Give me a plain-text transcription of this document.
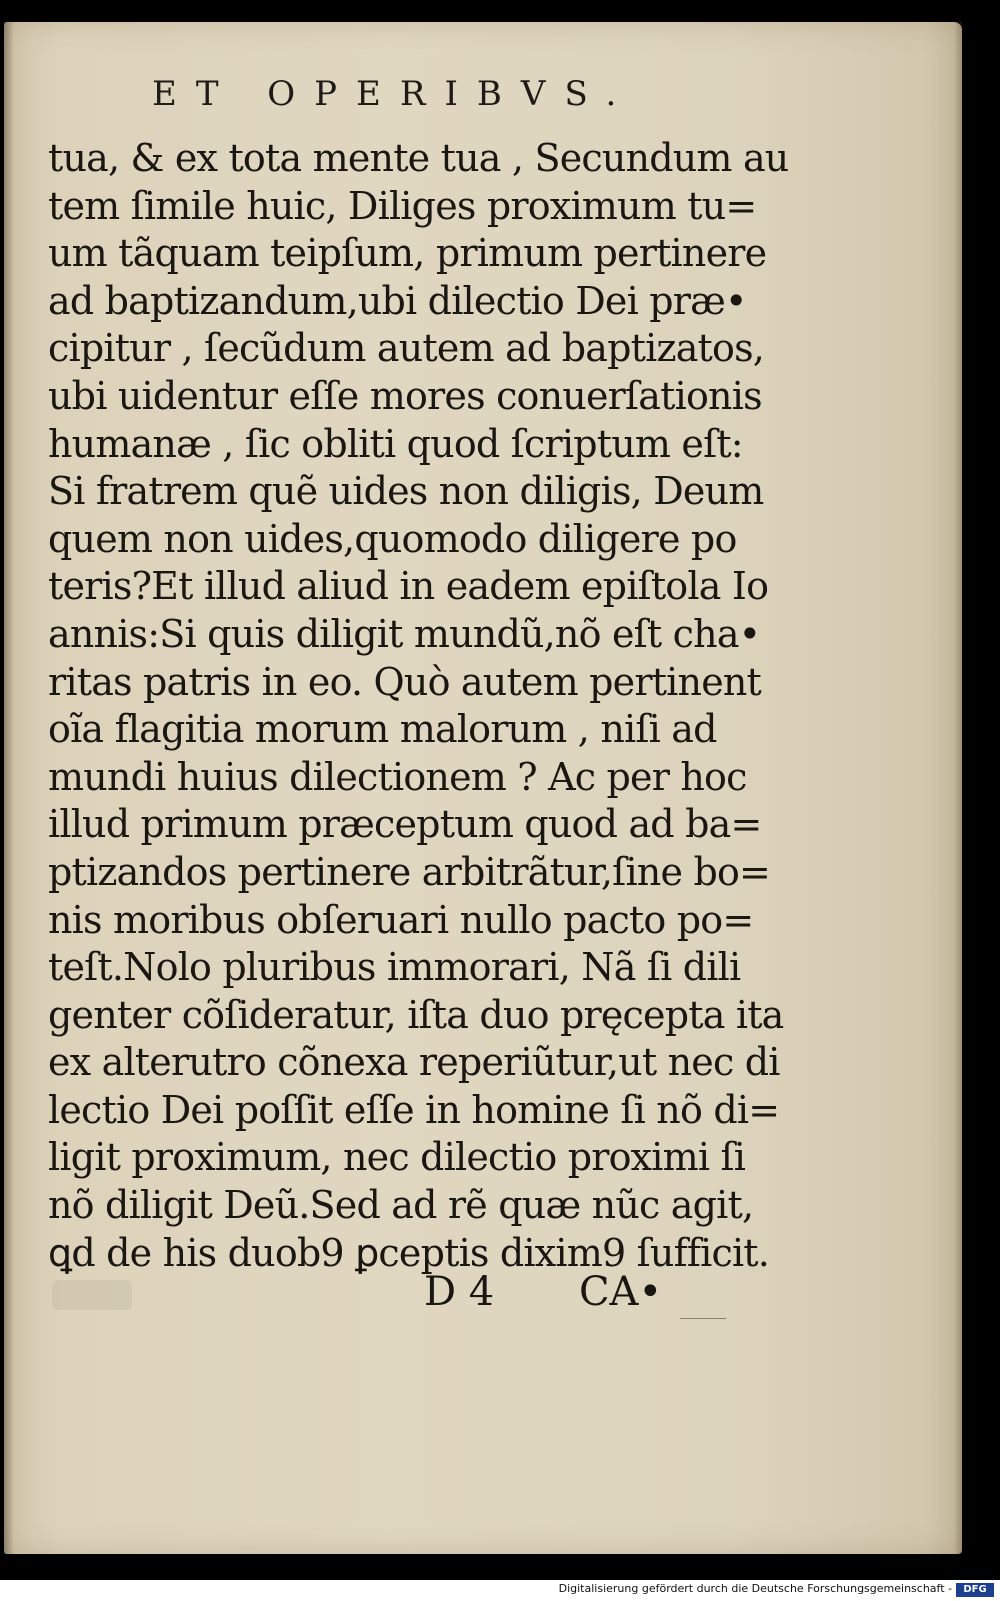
ET OPERIBVS.
tua, & ex tota mente tua , Secundum au
tem ſimile huic, Diliges proximum tu=
um tãquam teipſum, primum pertinere
ad baptizandum,ubi dilectio Dei præ•
cipitur , ſecũdum autem ad baptizatos,
ubi uidentur eſſe mores conuerſationis
humanæ , ſic obliti quod ſcriptum eſt:
Si fratrem quẽ uides non diligis, Deum
quem non uides,quomodo diligere po
teris?Et illud aliud in eadem epiſtola Io
annis:Si quis diligit mundũ,nõ eſt cha•
ritas patris in eo. Quò autem pertinent
oĩa flagitia morum malorum , niſi ad
mundi huius dilectionem ? Ac per hoc
illud primum præceptum quod ad ba=
ptizandos pertinere arbitrãtur,ſine bo=
nis moribus obſeruari nullo pacto po=
teſt.Nolo pluribus immorari, Nã ſi dili
genter cõſideratur, iſta duo pręcepta ita
ex alterutro cõnexa reperiũtur,ut nec di
lectio Dei poſſit eſſe in homine ſi nõ di=
ligit proximum, nec dilectio proximi ſi
nõ diligit Deũ.Sed ad rẽ quæ nũc agit,
ꝗd de his duob9 ꝑceptis dixim9 ſufficit.
D 4 CA•
Digitalisierung gefördert durch die Deutsche Forschungsgemeinschaft -	DFG
